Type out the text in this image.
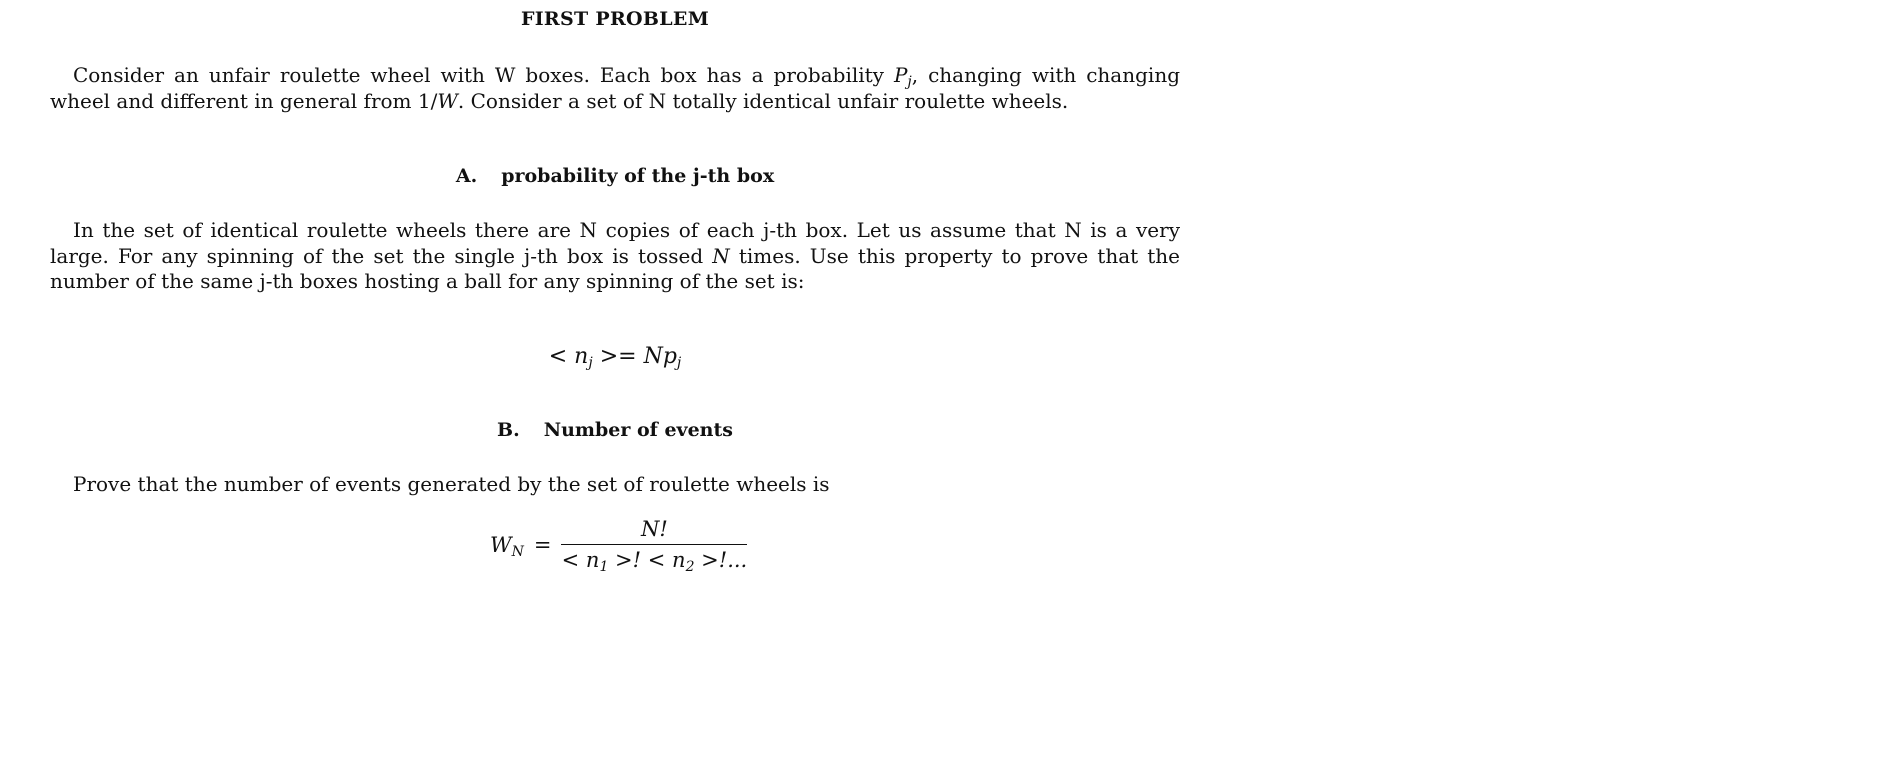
FIRST PROBLEM
Consider an unfair roulette wheel with W boxes. Each box has a probability $P_j$, changing with changing wheel and different in general from 1/W. Consider a set of N totally identical unfair roulette wheels.
A. probability of the j-th box
In the set of identical roulette wheels there are N copies of each j-th box. Let us assume that N is a very large. For any spinning of the set the single j-th box is tossed N times. Use this property to prove that the number of the same j-th boxes hosting a ball for any spinning of the set is:
< $n_j >= Np_j$
B. Number of events
Prove that the number of events generated by the set of roulette wheels is
$W_N = \frac{N!}{< n_1 >! < n_2 >!...}$
